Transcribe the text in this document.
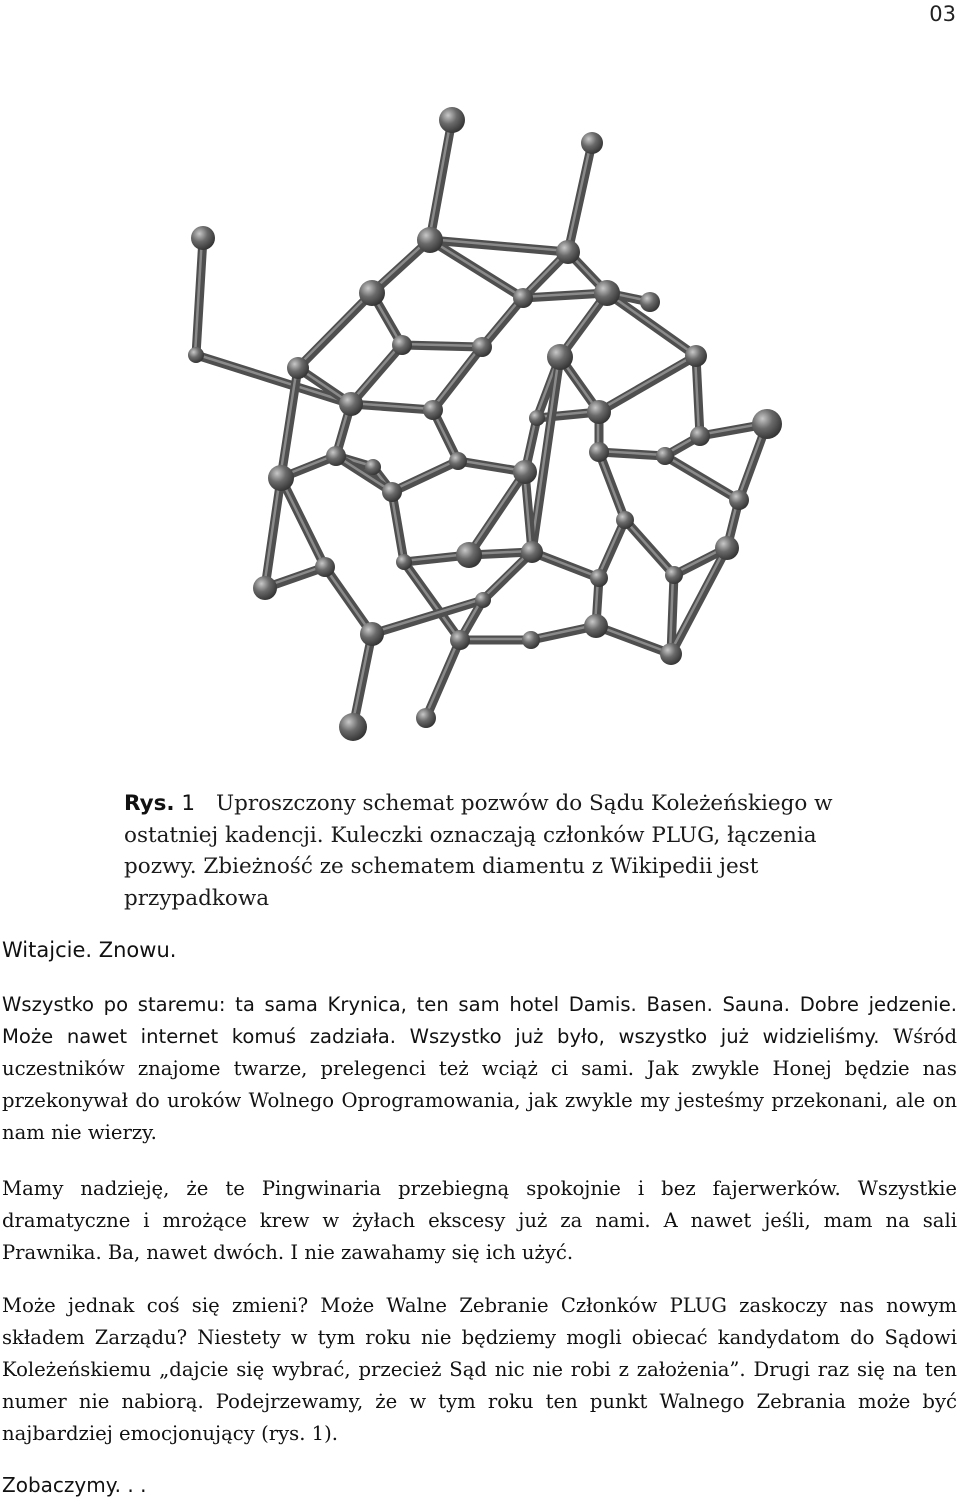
03
Rys. 1 Uproszczony schemat pozwów do Sądu Koleżeńskiego w ostatniej kadencji. Kuleczki oznaczają członków PLUG, łączenia pozwy. Zbieżność ze schematem diamentu z Wikipedii jest przypadkowa
Witajcie. Znowu.
Wszystko po staremu: ta sama Krynica, ten sam hotel Damis. Basen. Sauna. Dobre jedzenie. Może nawet internet komuś zadziała. Wszystko już było, wszystko już widzieliśmy. Wśród uczestników znajome twarze, prelegenci też wciąż ci sami. Jak zwykle Honej będzie nas przekonywał do uroków Wolnego Oprogramowania, jak zwykle my jesteśmy przekonani, ale on nam nie wierzy.

Mamy nadzieję, że te Pingwinaria przebiegną spokojnie i bez fajerwerków. Wszystkie dramatyczne i mrożące krew w żyłach ekscesy już za nami. A nawet jeśli, mam na sali Prawnika. Ba, nawet dwóch. I nie zawahamy się ich użyć.

Może jednak coś się zmieni? Może Walne Zebranie Członków PLUG zaskoczy nas nowym składem Zarządu? Niestety w tym roku nie będziemy mogli obiecać kandydatom do Sądowi Koleżeńskiemu „dajcie się wybrać, przecież Sąd nic nie robi z założenia”. Drugi raz się na ten numer nie nabiorą. Podejrzewamy, że w tym roku ten punkt Walnego Zebrania może być najbardziej emocjonujący (rys. 1).

Zobaczymy. . .
